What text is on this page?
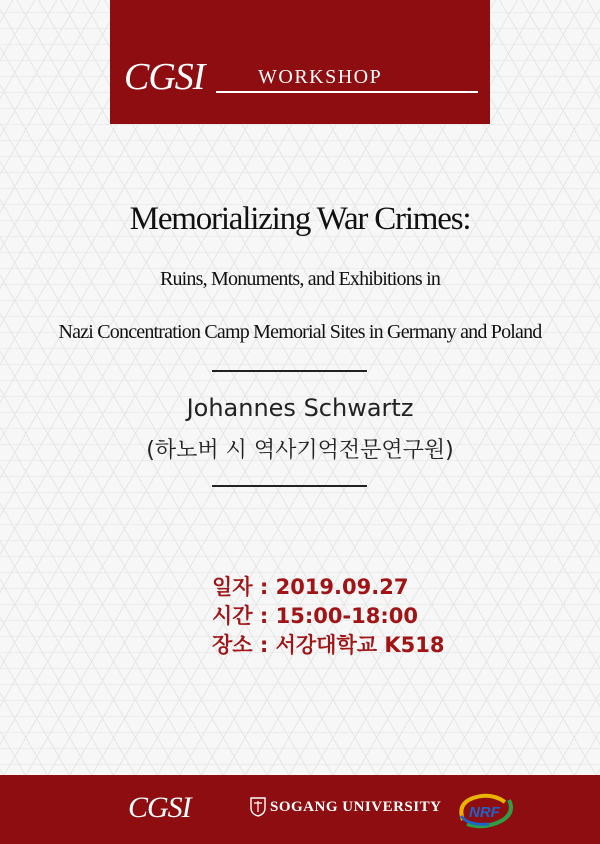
CGSI	WORKSHOP
Memorializing War Crimes:
Ruins, Monuments, and Exhibitions in
Nazi Concentration Camp Memorial Sites in Germany and Poland
Johannes Schwartz
(하노버 시 역사기억전문연구원)
일자 : 2019.09.27
시간 : 15:00-18:00
장소 : 서강대학교 K518
CGSI	SOGANG UNIVERSITY NRF
